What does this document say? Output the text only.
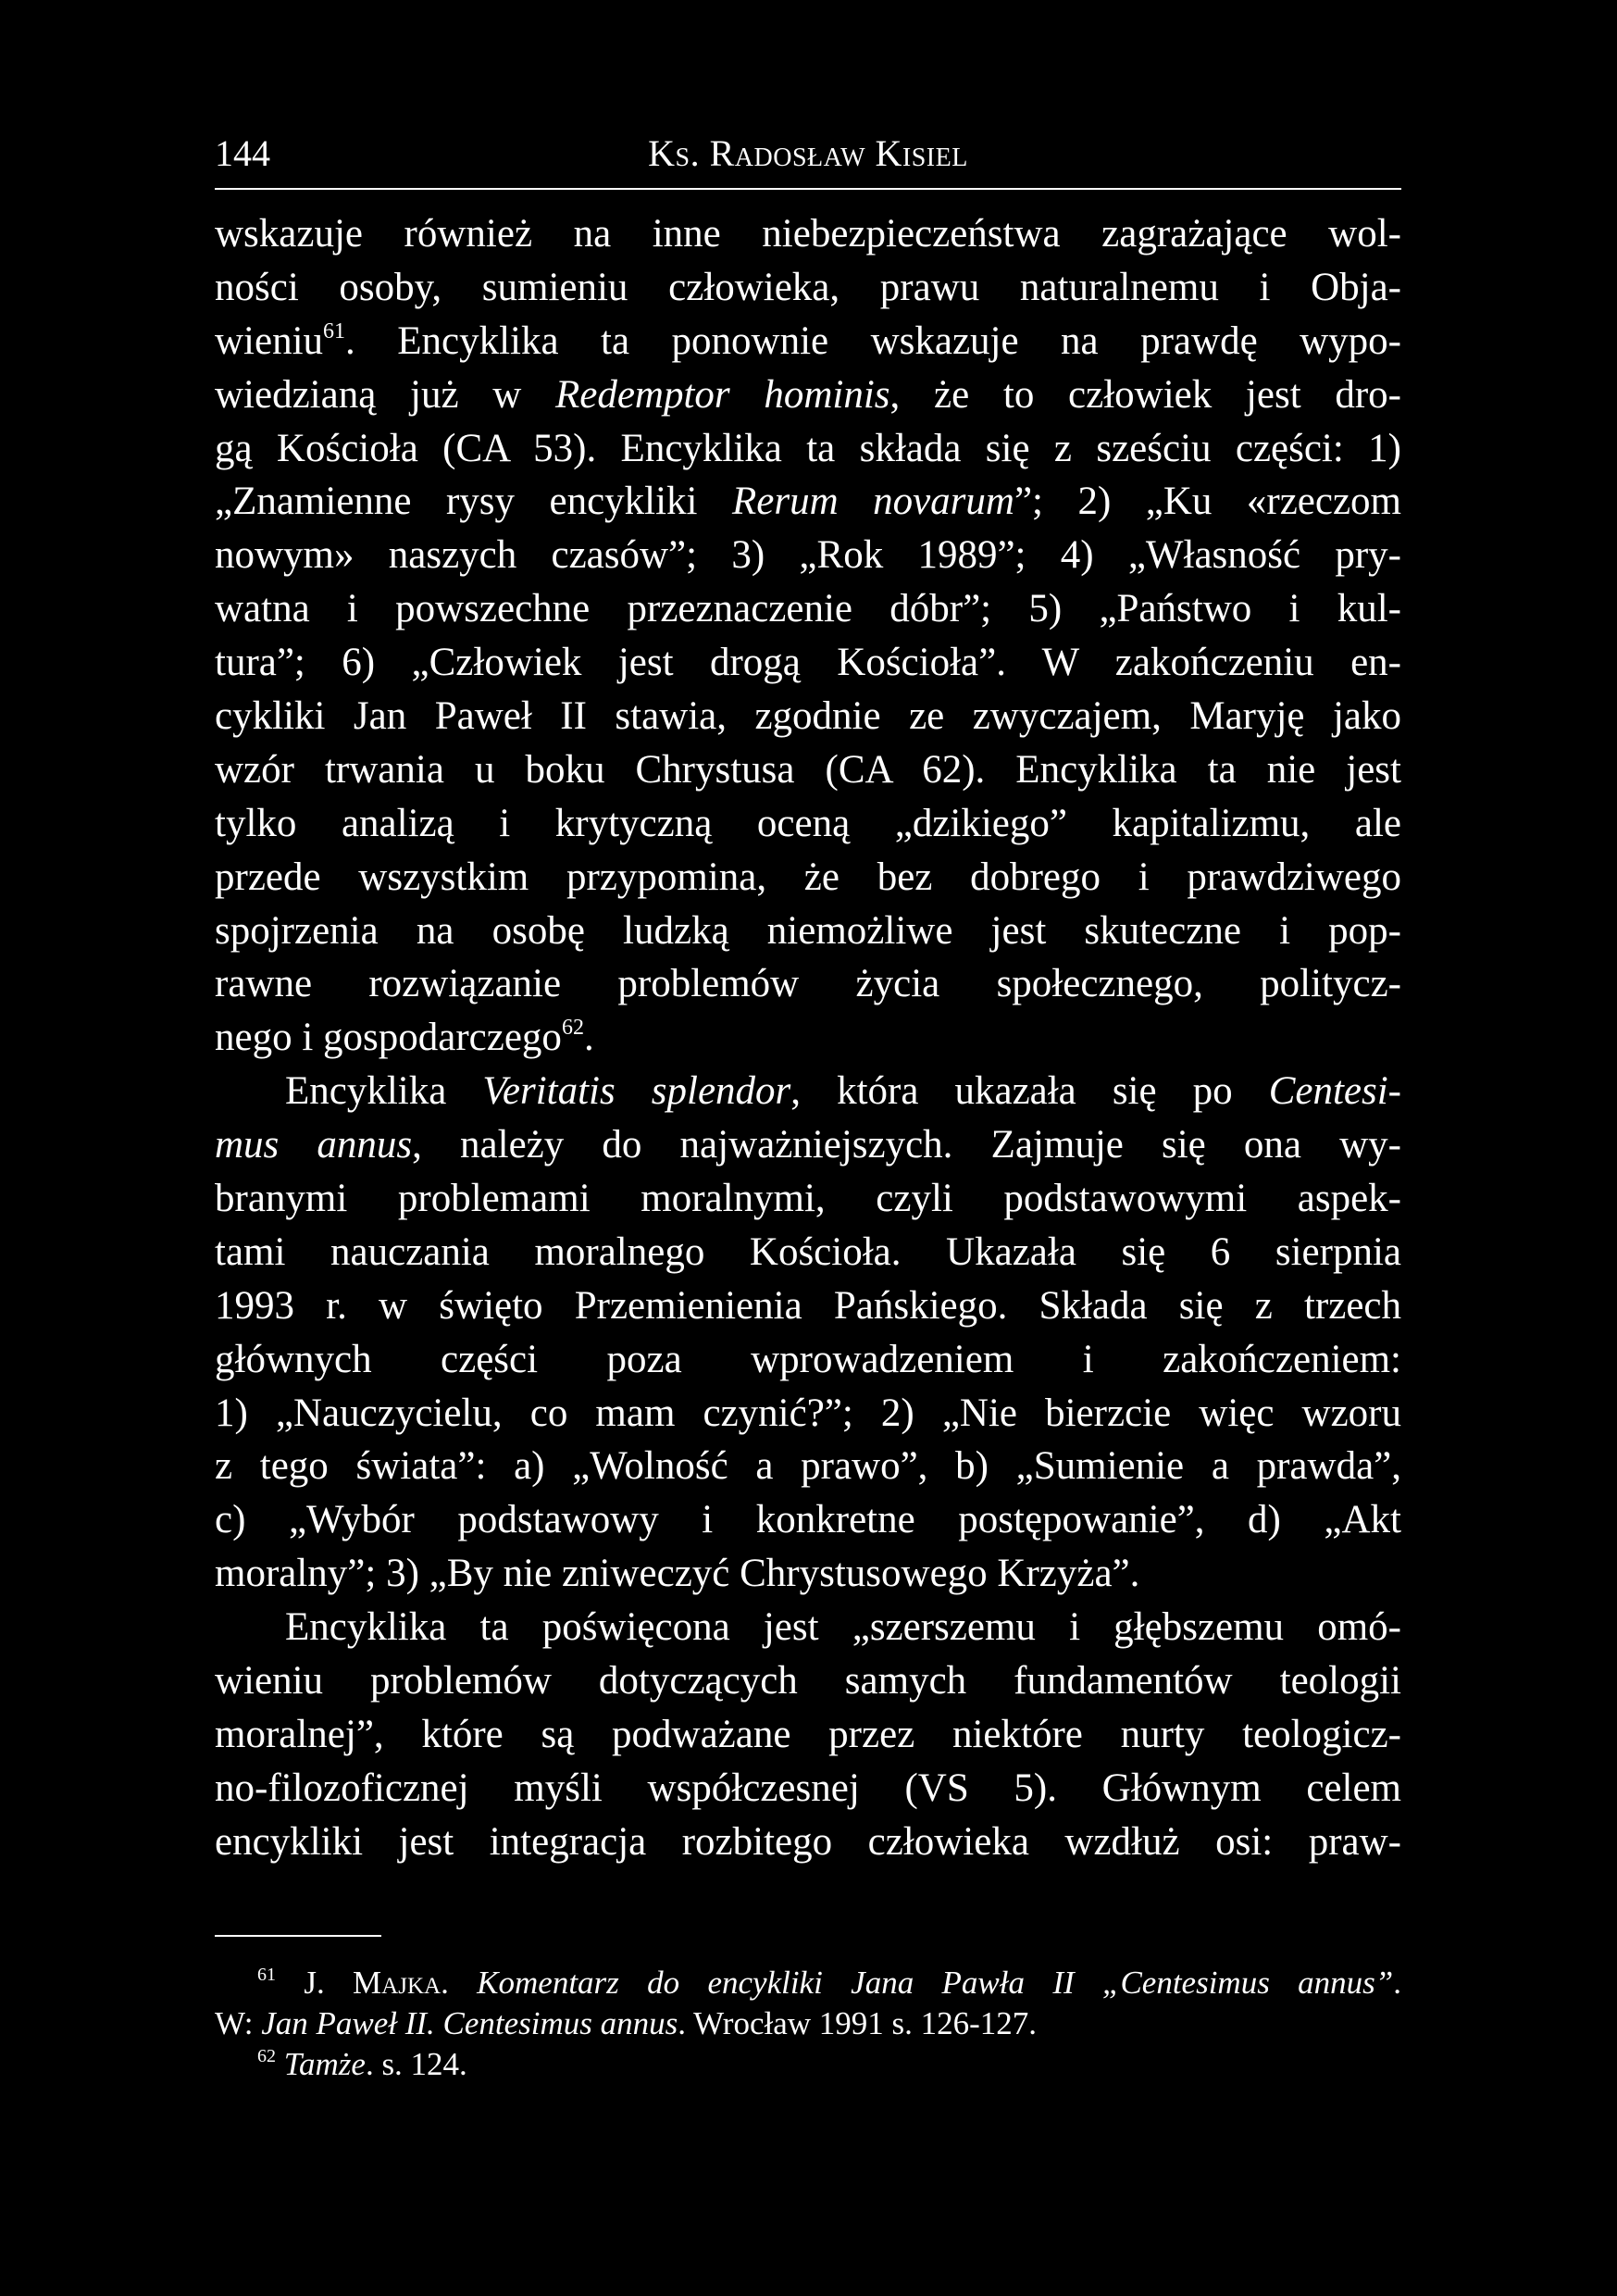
144	Ks. Radosław Kisiel
wskazuje również na inne niebezpieczeństwa zagrażające wol-
ności osoby, sumieniu człowieka, prawu naturalnemu i Obja-
wieniu$^{61}$. Encyklika ta ponownie wskazuje na prawdę wypo-
wiedzianą już w Redemptor hominis, że to człowiek jest dro-
gą Kościoła (CA 53). Encyklika ta składa się z sześciu części: 1)
„Znamienne rysy encykliki Rerum novarum”; 2) „Ku «rzeczom
nowym» naszych czasów”; 3) „Rok 1989”; 4) „Własność pry-
watna i powszechne przeznaczenie dóbr”; 5) „Państwo i kul-
tura”; 6) „Człowiek jest drogą Kościoła”. W zakończeniu en-
cykliki Jan Paweł II stawia, zgodnie ze zwyczajem, Maryję jako
wzór trwania u boku Chrystusa (CA 62). Encyklika ta nie jest
tylko analizą i krytyczną oceną „dzikiego” kapitalizmu, ale
przede wszystkim przypomina, że bez dobrego i prawdziwego
spojrzenia na osobę ludzką niemożliwe jest skuteczne i pop-
rawne rozwiązanie problemów życia społecznego, politycz-
nego i gospodarczego$^{62}$.
Encyklika Veritatis splendor, która ukazała się po Centesi-
mus annus, należy do najważniejszych. Zajmuje się ona wy-
branymi problemami moralnymi, czyli podstawowymi aspek-
tami nauczania moralnego Kościoła. Ukazała się 6 sierpnia
1993 r. w święto Przemienienia Pańskiego. Składa się z trzech
głównych części poza wprowadzeniem i zakończeniem:
1) „Nauczycielu, co mam czynić?”; 2) „Nie bierzcie więc wzoru
z tego świata”: a) „Wolność a prawo”, b) „Sumienie a prawda”,
c) „Wybór podstawowy i konkretne postępowanie”, d) „Akt
moralny”; 3) „By nie zniweczyć Chrystusowego Krzyża”.
Encyklika ta poświęcona jest „szerszemu i głębszemu omó-
wieniu problemów dotyczących samych fundamentów teologii
moralnej”, które są podważane przez niektóre nurty teologicz-
no-filozoficznej myśli współczesnej (VS 5). Głównym celem
encykliki jest integracja rozbitego człowieka wzdłuż osi: praw-
$^{61}$ J. Majka. Komentarz do encykliki Jana Pawła II „Centesimus annus”.
W: Jan Paweł II. Centesimus annus. Wrocław 1991 s. 126-127.
$^{62}$ Tamże. s. 124.
